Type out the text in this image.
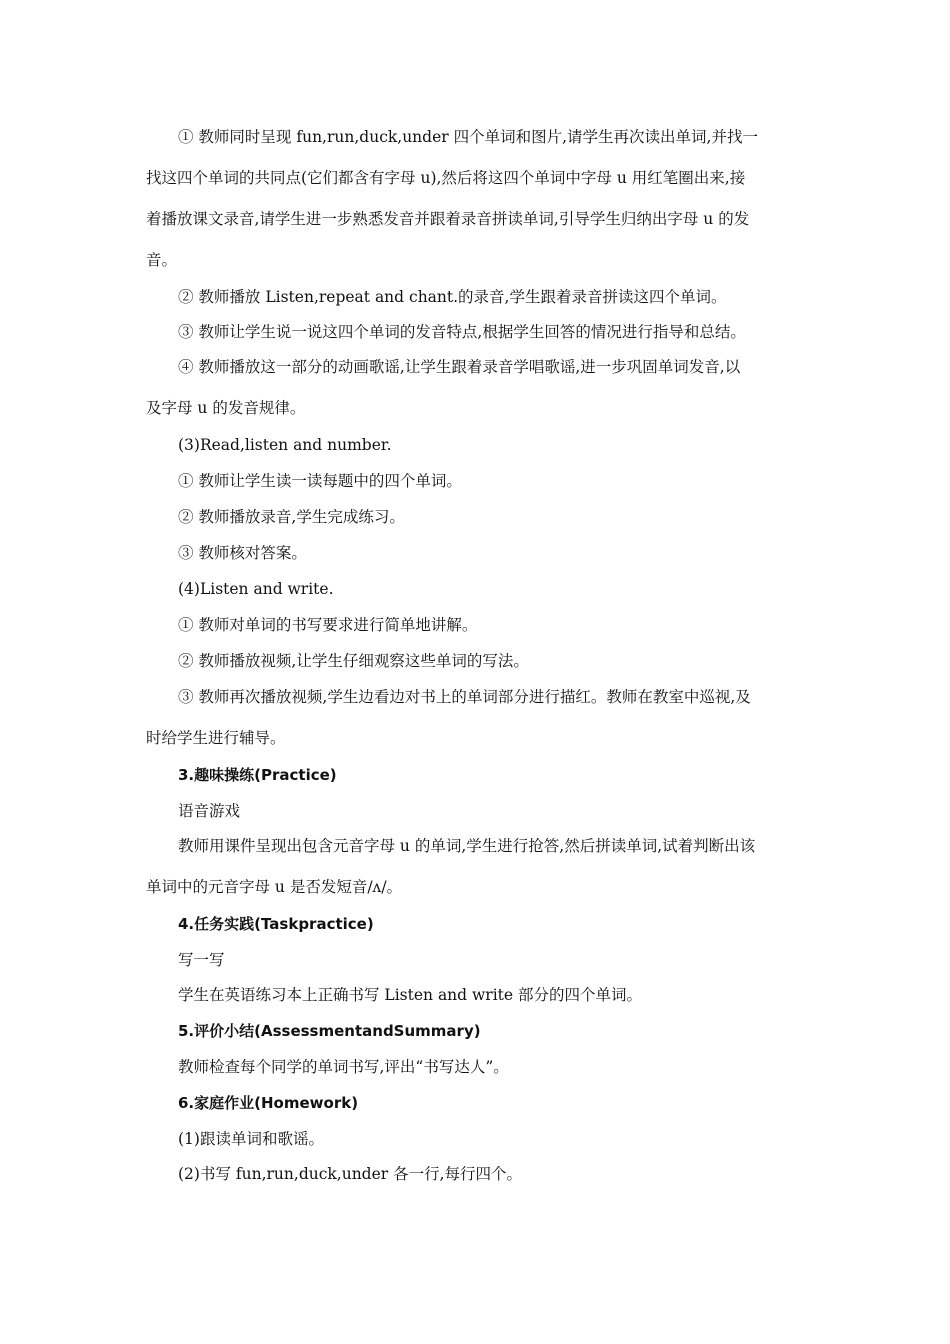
① 教师同时呈现 fun,run,duck,under 四个单词和图片,请学生再次读出单词,并找一
找这四个单词的共同点(它们都含有字母 u),然后将这四个单词中字母 u 用红笔圈出来,接
着播放课文录音,请学生进一步熟悉发音并跟着录音拼读单词,引导学生归纳出字母 u 的发
音。
② 教师播放 Listen,repeat and chant.的录音,学生跟着录音拼读这四个单词。
③ 教师让学生说一说这四个单词的发音特点,根据学生回答的情况进行指导和总结。
④ 教师播放这一部分的动画歌谣,让学生跟着录音学唱歌谣,进一步巩固单词发音,以
及字母 u 的发音规律。
(3)Read,listen and number.
① 教师让学生读一读每题中的四个单词。
② 教师播放录音,学生完成练习。
③ 教师核对答案。
(4)Listen and write.
① 教师对单词的书写要求进行简单地讲解。
② 教师播放视频,让学生仔细观察这些单词的写法。
③ 教师再次播放视频,学生边看边对书上的单词部分进行描红。教师在教室中巡视,及
时给学生进行辅导。
3.趣味操练(Practice)
语音游戏
教师用课件呈现出包含元音字母 u 的单词,学生进行抢答,然后拼读单词,试着判断出该
单词中的元音字母 u 是否发短音/ʌ/。
4.任务实践(Taskpractice)
写一写
学生在英语练习本上正确书写 Listen and write 部分的四个单词。
5.评价小结(AssessmentandSummary)
教师检查每个同学的单词书写,评出“书写达人”。
6.家庭作业(Homework)
(1)跟读单词和歌谣。
(2)书写 fun,run,duck,under 各一行,每行四个。
